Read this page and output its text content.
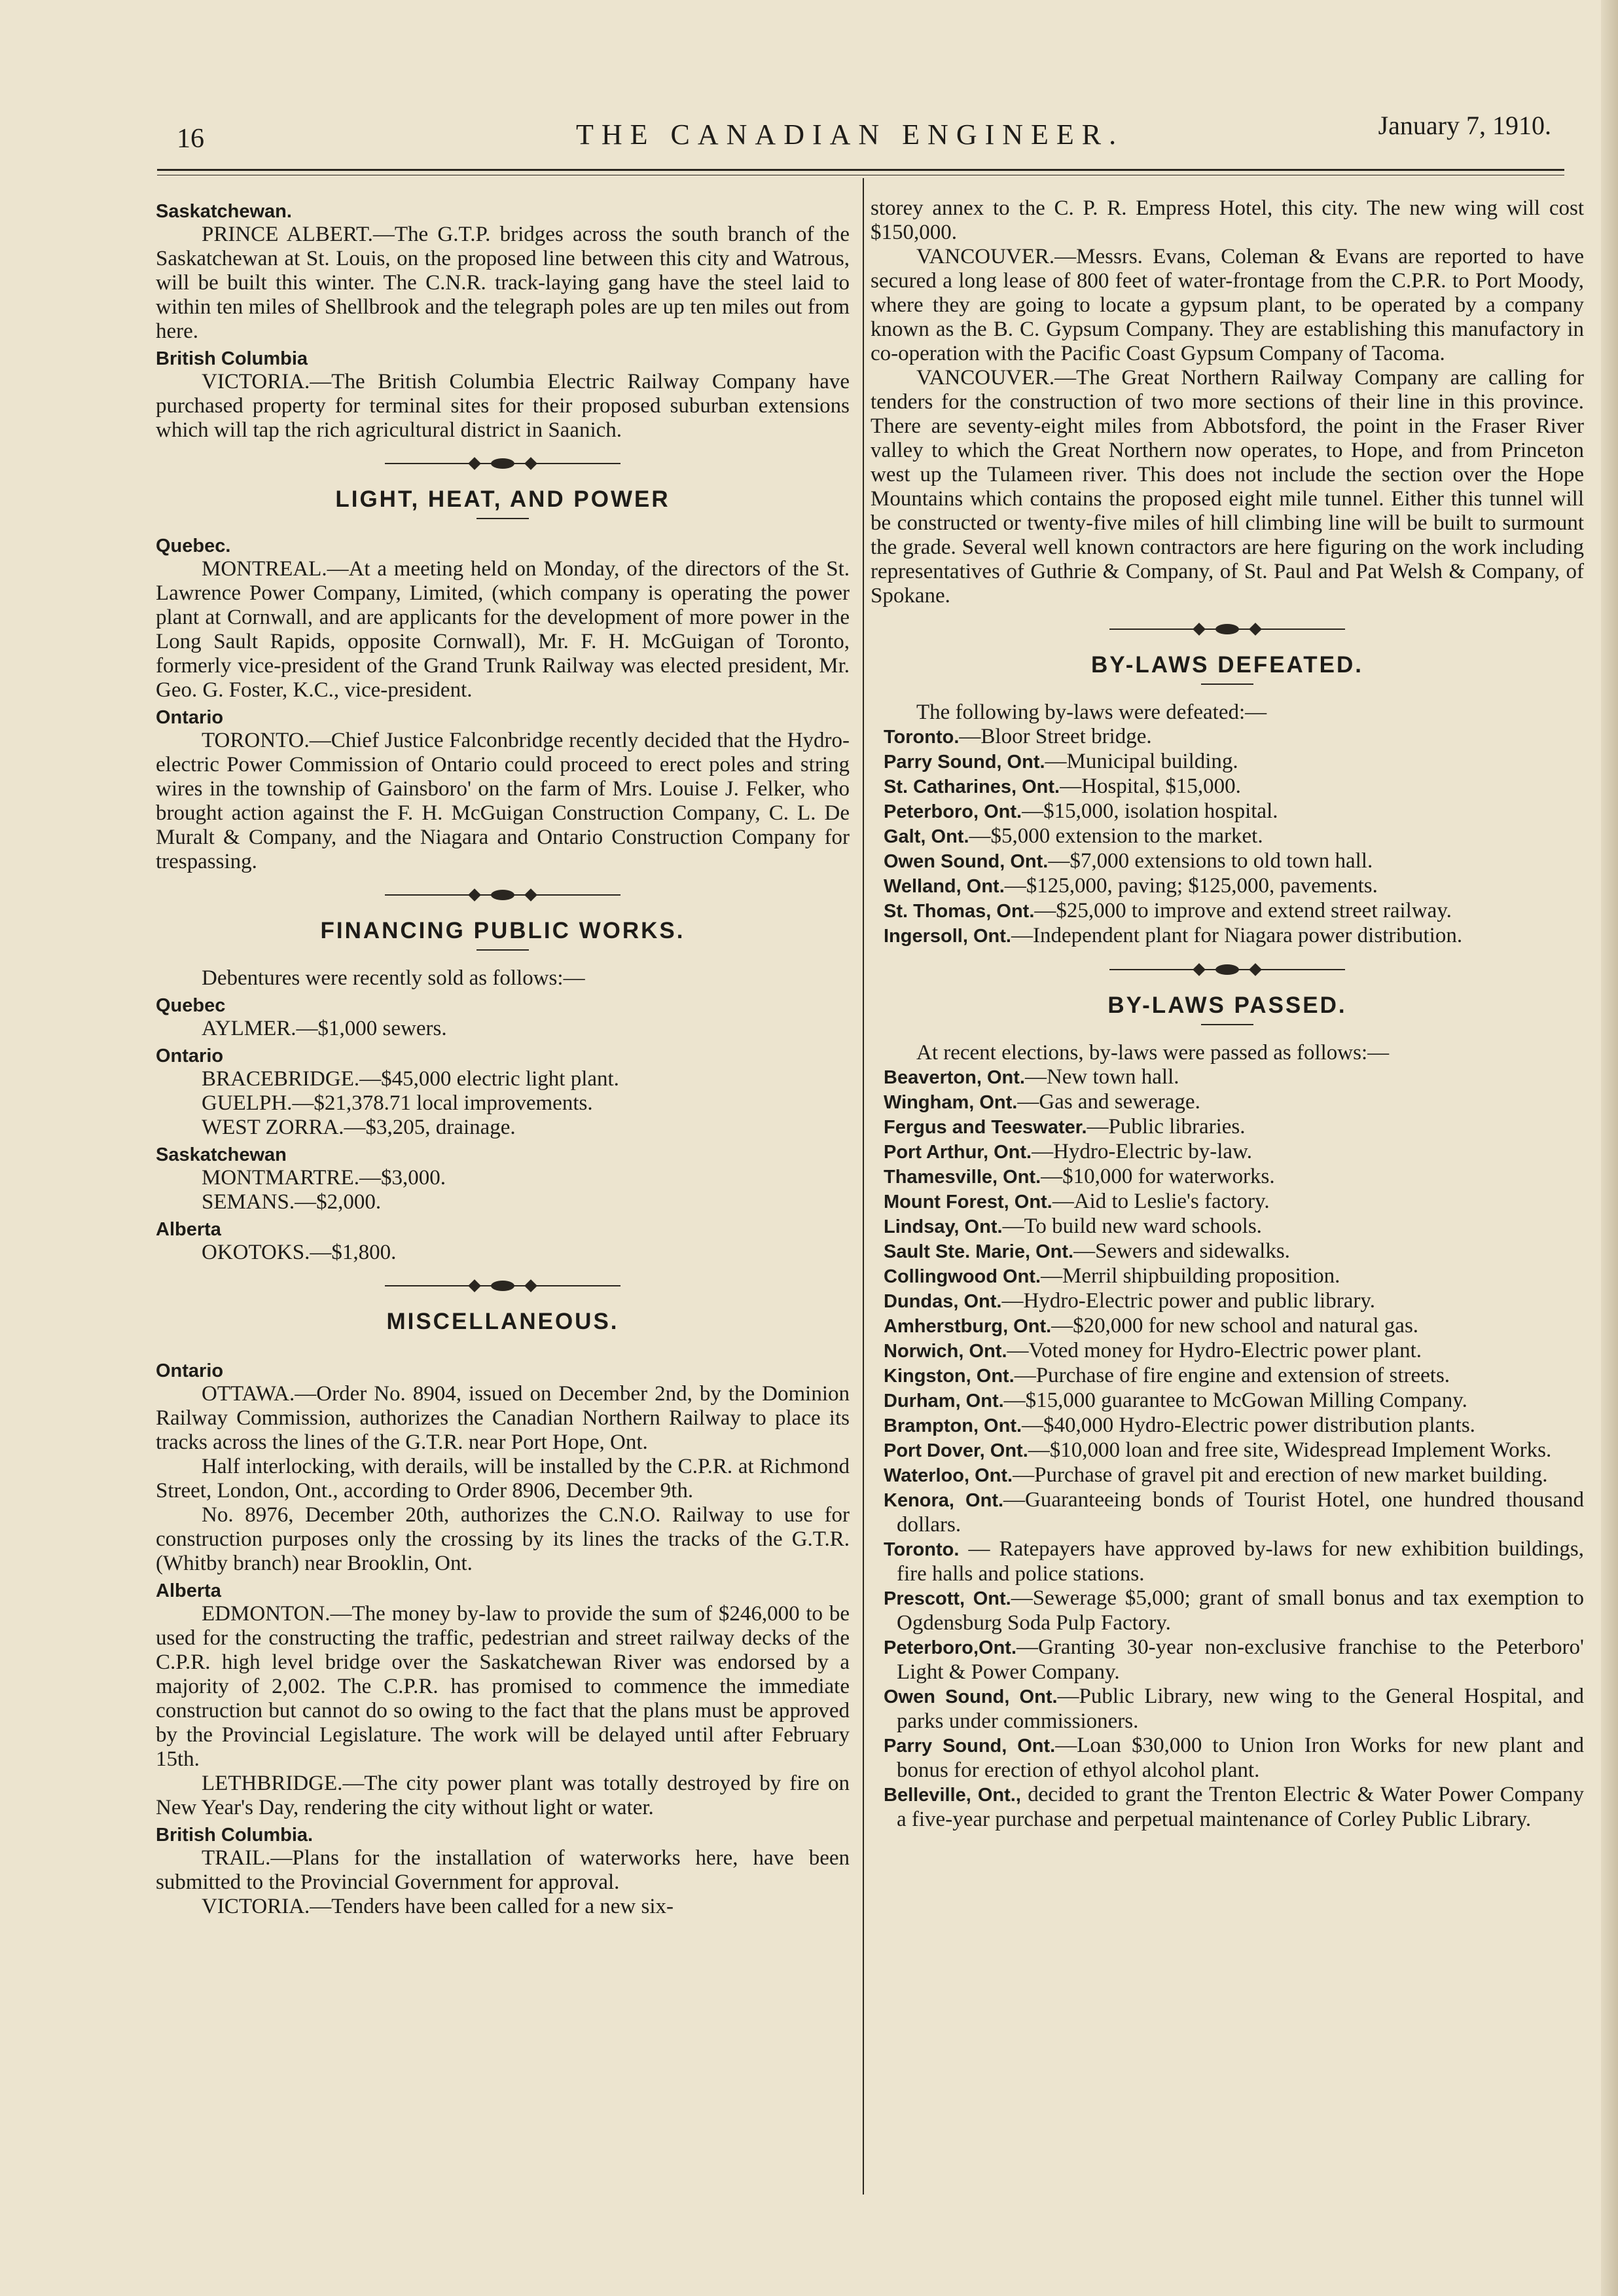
16	THE CANADIAN ENGINEER.	January 7, 1910.
Saskatchewan.

PRINCE ALBERT.—The G.T.P. bridges across the south branch of the Saskatchewan at St. Louis, on the proposed line between this city and Watrous, will be built this winter. The C.N.R. track-laying gang have the steel laid to within ten miles of Shellbrook and the telegraph poles are up ten miles out from here.

British Columbia

VICTORIA.—The British Columbia Electric Railway Company have purchased property for terminal sites for their proposed suburban extensions which will tap the rich agricultural district in Saanich.

LIGHT, HEAT, AND POWER
Quebec.

MONTREAL.—At a meeting held on Monday, of the directors of the St. Lawrence Power Company, Limited, (which company is operating the power plant at Cornwall, and are applicants for the development of more power in the Long Sault Rapids, opposite Cornwall), Mr. F. H. McGuigan of Toronto, formerly vice-president of the Grand Trunk Railway was elected president, Mr. Geo. G. Foster, K.C., vice-president.

Ontario

TORONTO.—Chief Justice Falconbridge recently decided that the Hydro-electric Power Commission of Ontario could proceed to erect poles and string wires in the township of Gainsboro' on the farm of Mrs. Louise J. Felker, who brought action against the F. H. McGuigan Construction Company, C. L. De Muralt & Company, and the Niagara and Ontario Construction Company for trespassing.

FINANCING PUBLIC WORKS.

Debentures were recently sold as follows:—

Quebec
AYLMER.—$1,000 sewers.
Ontario
BRACEBRIDGE.—$45,000 electric light plant.
GUELPH.—$21,378.71 local improvements.
WEST ZORRA.—$3,205, drainage.
Saskatchewan
MONTMARTRE.—$3,000.
SEMANS.—$2,000.
Alberta
OKOTOKS.—$1,800.
MISCELLANEOUS.
Ontario

OTTAWA.—Order No. 8904, issued on December 2nd, by the Dominion Railway Commission, authorizes the Canadian Northern Railway to place its tracks across the lines of the G.T.R. near Port Hope, Ont.

Half interlocking, with derails, will be installed by the C.P.R. at Richmond Street, London, Ont., according to Order 8906, December 9th.

No. 8976, December 20th, authorizes the C.N.O. Railway to use for construction purposes only the crossing by its lines the tracks of the G.T.R. (Whitby branch) near Brooklin, Ont.

Alberta

EDMONTON.—The money by-law to provide the sum of $246,000 to be used for the constructing the traffic, pedestrian and street railway decks of the C.P.R. high level bridge over the Saskatchewan River was endorsed by a majority of 2,002. The C.P.R. has promised to commence the immediate construction but cannot do so owing to the fact that the plans must be approved by the Provincial Legislature. The work will be delayed until after February 15th.

LETHBRIDGE.—The city power plant was totally destroyed by fire on New Year's Day, rendering the city without light or water.

British Columbia.

TRAIL.—Plans for the installation of waterworks here, have been submitted to the Provincial Government for approval.

VICTORIA.—Tenders have been called for a new six-

storey annex to the C. P. R. Empress Hotel, this city. The new wing will cost $150,000.

VANCOUVER.—Messrs. Evans, Coleman & Evans are reported to have secured a long lease of 800 feet of water-frontage from the C.P.R. to Port Moody, where they are going to locate a gypsum plant, to be operated by a company known as the B. C. Gypsum Company. They are establishing this manufactory in co-operation with the Pacific Coast Gypsum Company of Tacoma.

VANCOUVER.—The Great Northern Railway Company are calling for tenders for the construction of two more sections of their line in this province. There are seventy-eight miles from Abbotsford, the point in the Fraser River valley to which the Great Northern now operates, to Hope, and from Princeton west up the Tulameen river. This does not include the section over the Hope Mountains which contains the proposed eight mile tunnel. Either this tunnel will be constructed or twenty-five miles of hill climbing line will be built to surmount the grade. Several well known contractors are here figuring on the work including representatives of Guthrie & Company, of St. Paul and Pat Welsh & Company, of Spokane.

BY-LAWS DEFEATED.

The following by-laws were defeated:—

Toronto.—Bloor Street bridge.

Parry Sound, Ont.—Municipal building.

St. Catharines, Ont.—Hospital, $15,000.

Peterboro, Ont.—$15,000, isolation hospital.

Galt, Ont.—$5,000 extension to the market.

Owen Sound, Ont.—$7,000 extensions to old town hall.

Welland, Ont.—$125,000, paving; $125,000, pavements.

St. Thomas, Ont.—$25,000 to improve and extend street railway.

Ingersoll, Ont.—Independent plant for Niagara power distribution.

BY-LAWS PASSED.

At recent elections, by-laws were passed as follows:—

Beaverton, Ont.—New town hall.

Wingham, Ont.—Gas and sewerage.

Fergus and Teeswater.—Public libraries.

Port Arthur, Ont.—Hydro-Electric by-law.

Thamesville, Ont.—$10,000 for waterworks.

Mount Forest, Ont.—Aid to Leslie's factory.

Lindsay, Ont.—To build new ward schools.

Sault Ste. Marie, Ont.—Sewers and sidewalks.

Collingwood Ont.—Merril shipbuilding proposition.

Dundas, Ont.—Hydro-Electric power and public library.

Amherstburg, Ont.—$20,000 for new school and natural gas.

Norwich, Ont.—Voted money for Hydro-Electric power plant.

Kingston, Ont.—Purchase of fire engine and extension of streets.

Durham, Ont.—$15,000 guarantee to McGowan Milling Company.

Brampton, Ont.—$40,000 Hydro-Electric power distribution plants.

Port Dover, Ont.—$10,000 loan and free site, Widespread Implement Works.

Waterloo, Ont.—Purchase of gravel pit and erection of new market building.

Kenora, Ont.—Guaranteeing bonds of Tourist Hotel, one hundred thousand dollars.

Toronto. — Ratepayers have approved by-laws for new exhibition buildings, fire halls and police stations.

Prescott, Ont.—Sewerage $5,000; grant of small bonus and tax exemption to Ogdensburg Soda Pulp Factory.

Peterboro,Ont.—Granting 30-year non-exclusive franchise to the Peterboro' Light & Power Company.

Owen Sound, Ont.—Public Library, new wing to the General Hospital, and parks under commissioners.

Parry Sound, Ont.—Loan $30,000 to Union Iron Works for new plant and bonus for erection of ethyol alcohol plant.

Belleville, Ont., decided to grant the Trenton Electric & Water Power Company a five-year purchase and perpetual maintenance of Corley Public Library.
